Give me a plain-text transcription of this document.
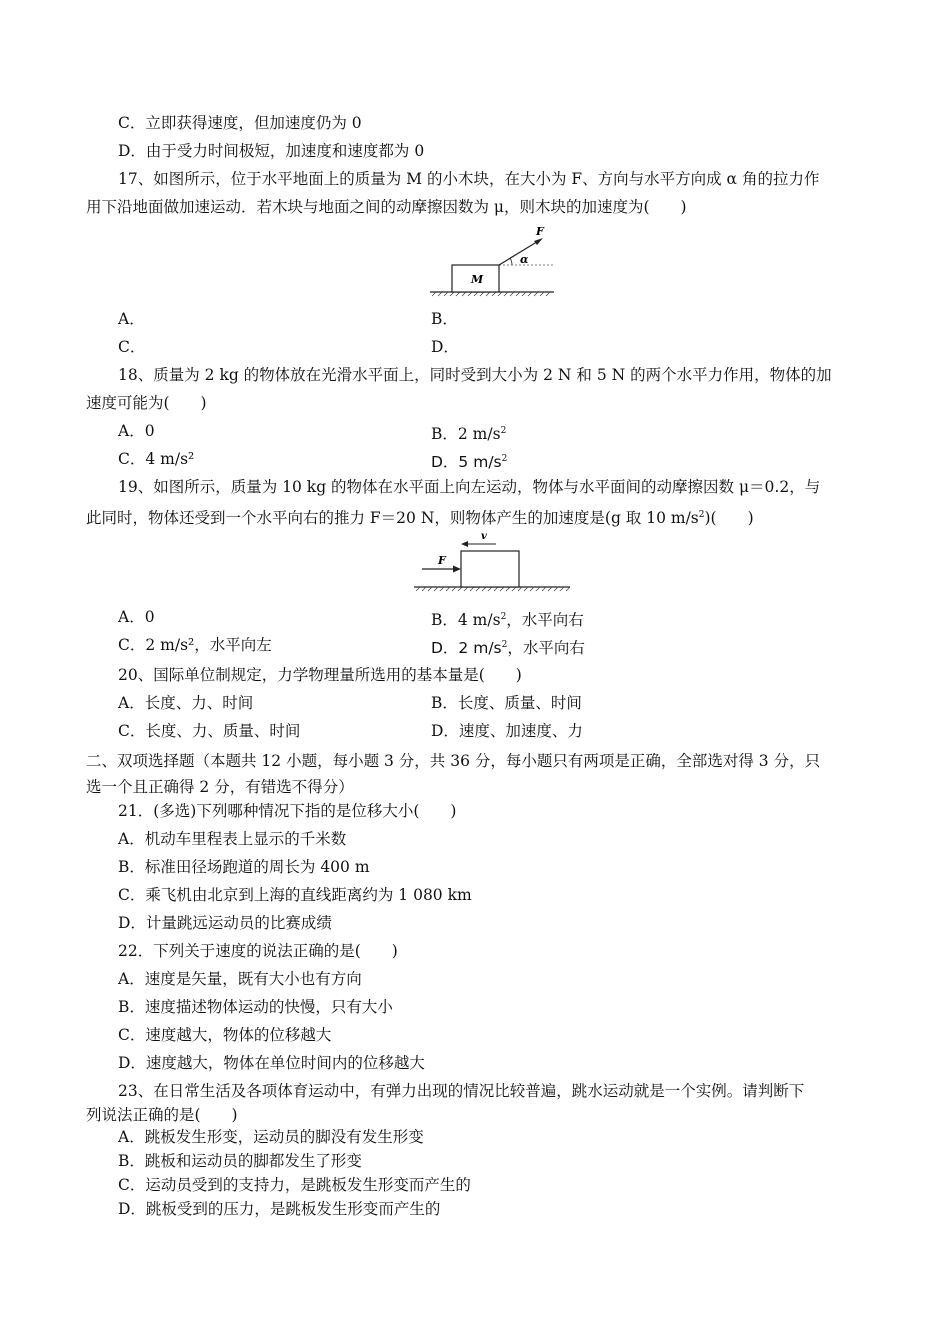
C．立即获得速度，但加速度仍为 0
D．由于受力时间极短，加速度和速度都为 0
17、如图所示，位于水平地面上的质量为 M 的小木块，在大小为 F、方向与水平方向成 α 角的拉力作
用下沿地面做加速运动．若木块与地面之间的动摩擦因数为 μ，则木块的加速度为(　　)
M
F
α
A．	B．
C．	D．
18、质量为 2 kg 的物体放在光滑水平面上，同时受到大小为 2 N 和 5 N 的两个水平力作用，物体的加
速度可能为(　　)
A．0	B．2 $m/s^2$
C．4 m/s²	D．5 $m/s^2$
19、如图所示，质量为 10 kg 的物体在水平面上向左运动，物体与水平面间的动摩擦因数 μ＝0.2，与
此同时，物体还受到一个水平向右的推力 F＝20 N，则物体产生的加速度是(g 取 10 $m/s^2$)(　　)
v
F
A．0	B．4 $m/s^2$，水平向右
C．2 m/s²，水平向左	D．2 $m/s^2$，水平向右
20、国际单位制规定，力学物理量所选用的基本量是(　　)
A．长度、力、时间	B．长度、质量、时间
C．长度、力、质量、时间	D．速度、加速度、力
二、双项选择题（本题共 12 小题，每小题 3 分，共 36 分，每小题只有两项是正确，全部选对得 3 分，只
选一个且正确得 2 分，有错选不得分）
21．(多选)下列哪种情况下指的是位移大小(　　)
A．机动车里程表上显示的千米数
B．标准田径场跑道的周长为 400 m
C．乘飞机由北京到上海的直线距离约为 1 080 km
D．计量跳远运动员的比赛成绩
22．下列关于速度的说法正确的是(　　)
A．速度是矢量，既有大小也有方向
B．速度描述物体运动的快慢，只有大小
C．速度越大，物体的位移越大
D．速度越大，物体在单位时间内的位移越大
23、在日常生活及各项体育运动中，有弹力出现的情况比较普遍，跳水运动就是一个实例。请判断下
列说法正确的是(　　)
A．跳板发生形变，运动员的脚没有发生形变
B．跳板和运动员的脚都发生了形变
C．运动员受到的支持力，是跳板发生形变而产生的
D．跳板受到的压力，是跳板发生形变而产生的
